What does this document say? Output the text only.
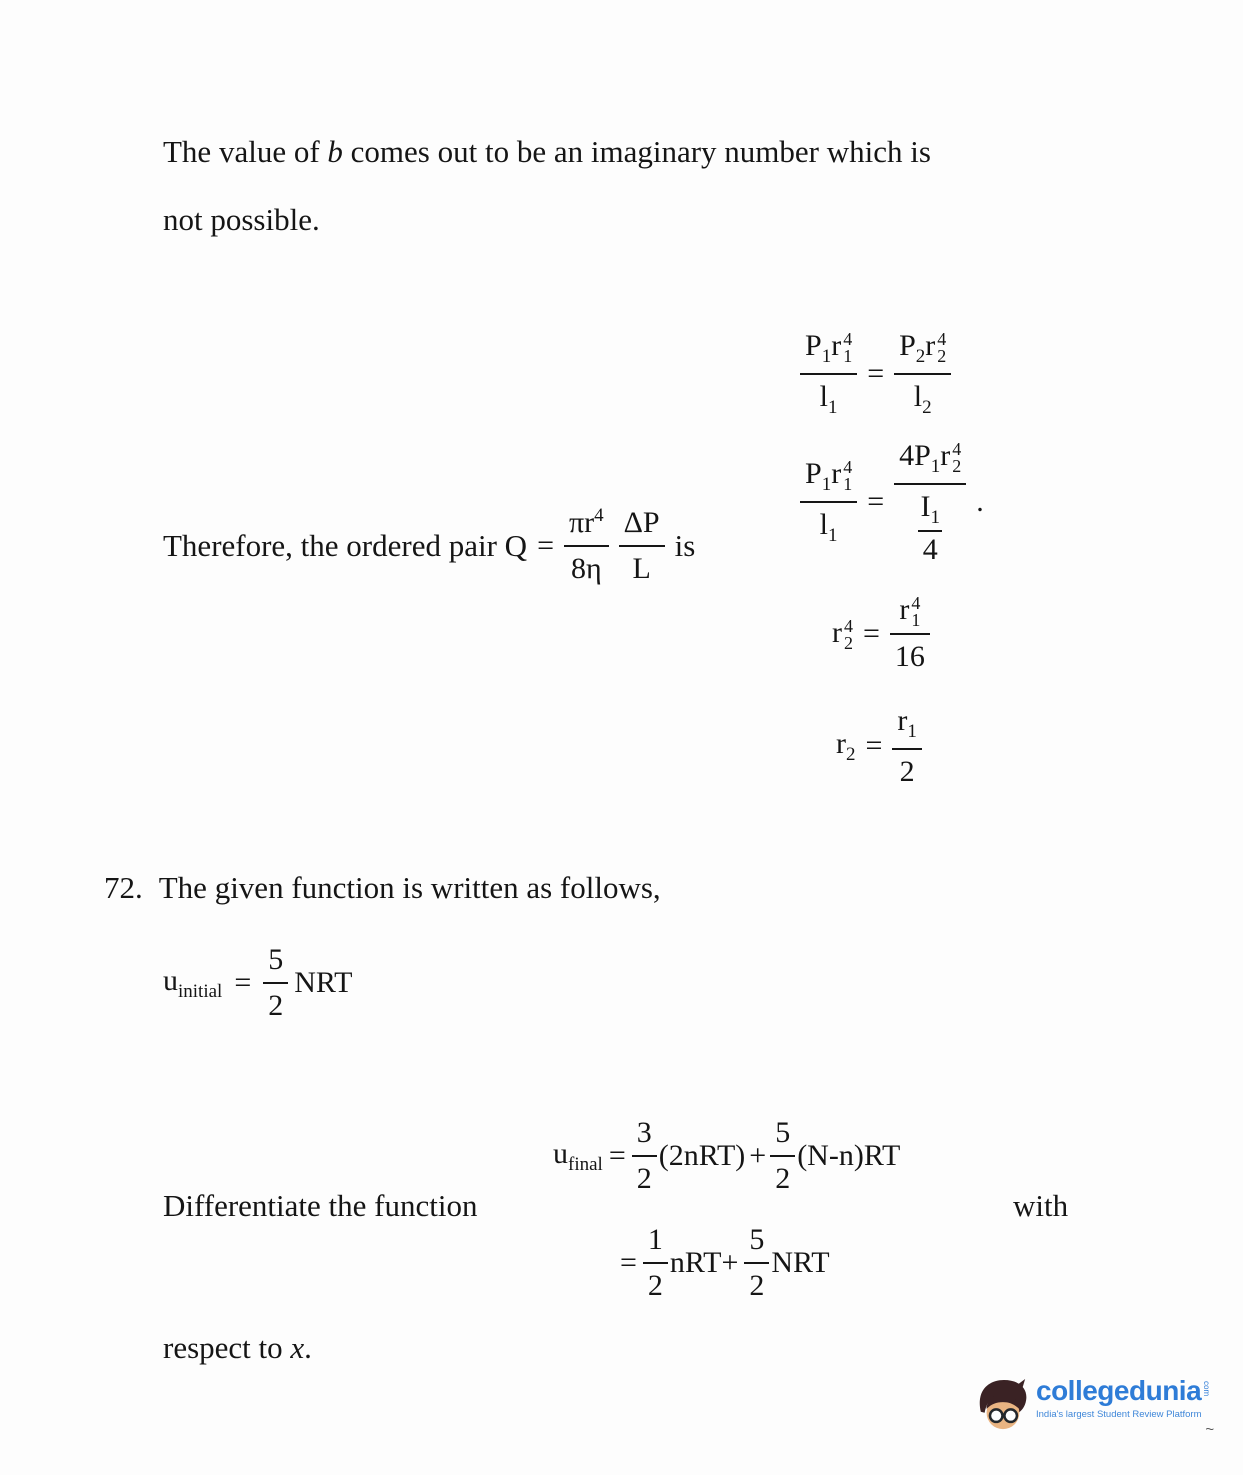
The value of b comes out to be an imaginary number which is
not possible.
$P_1r$ 4
1
$l_1 = P_2r$ 4
2
$l_2$
$P_1r$ 4
1
$l_1 = 4P_1r$ 4
2
$\frac{I_1}{4}$ .
Therefore, the ordered pair $Q = \frac{\pi r^4}{8\eta} \frac{\Delta P}{L}$ is
r 4
2 = r 4
1
16
$r_2 = \frac{r_1}{2}$
72. The given function is written as follows,
$u_{initial} = \frac{5}{2}$ NRT
$u_{final} = \frac{3}{2} (2nRT) + \frac{5}{2} (N-n)RT$
Differentiate the function	with
= $\frac{1}{2} nRT+ \frac{5}{2}$ NRT
respect to x.
collegedunia com
India's largest Student Review Platform
~
